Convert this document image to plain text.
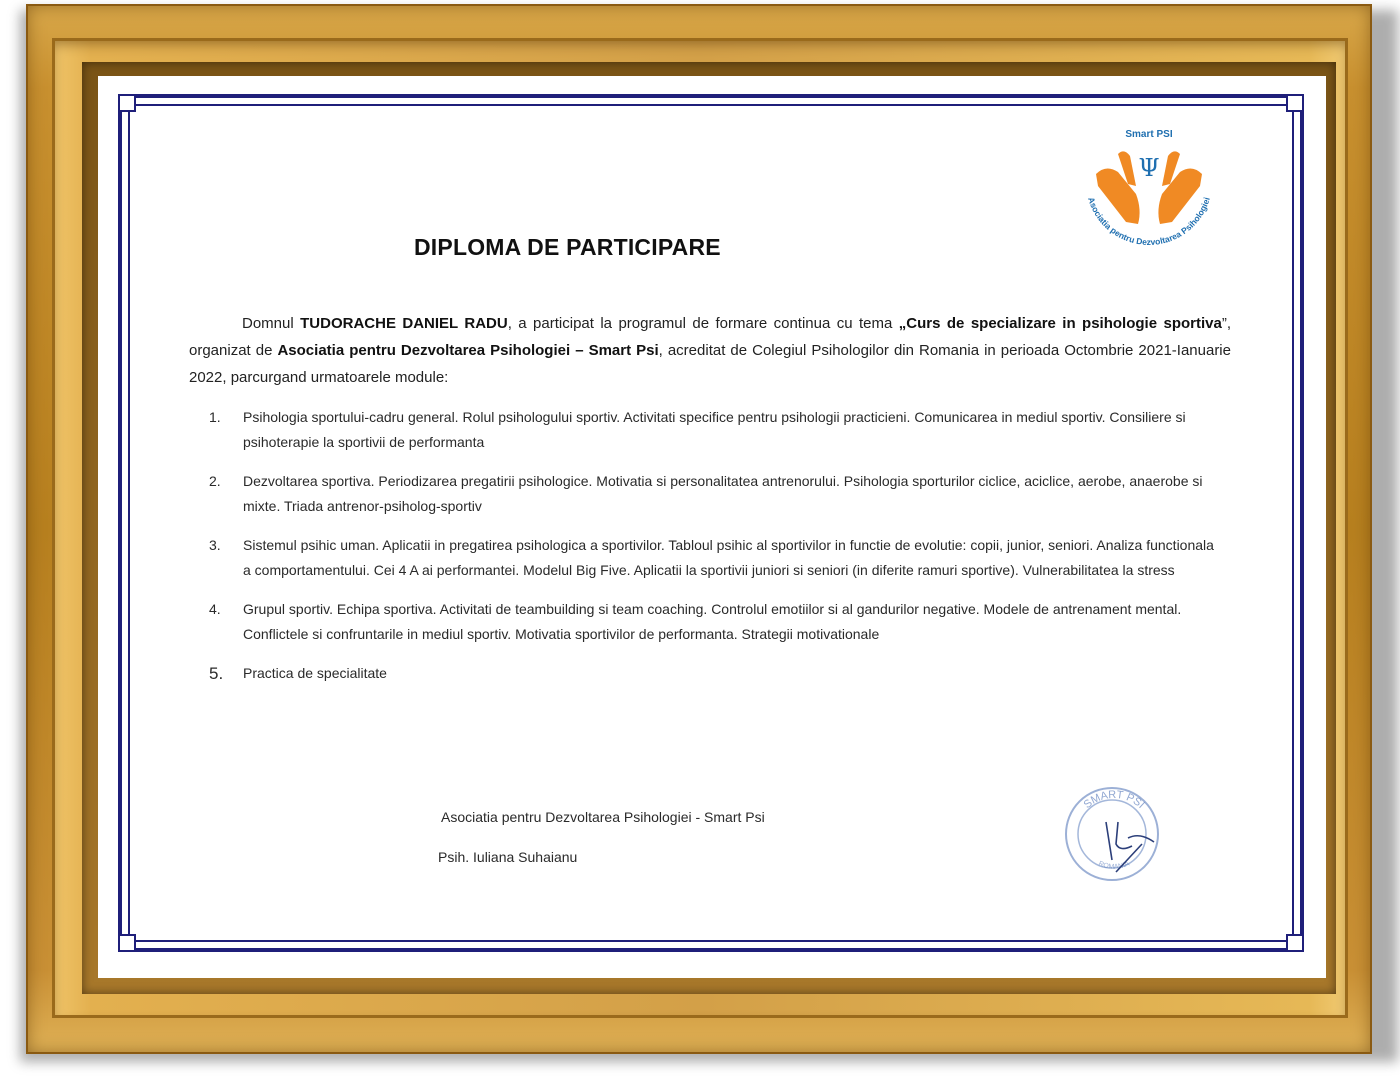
Smart PSI
Ψ
Asociatia pentru Dezvoltarea Psihologiei
DIPLOMA DE PARTICIPARE
Domnul TUDORACHE DANIEL RADU, a participat la programul de formare continua cu tema „Curs de specializare in psihologie sportiva”, organizat de Asociatia pentru Dezvoltarea Psihologiei – Smart Psi, acreditat de Colegiul Psihologilor din Romania in perioada Octombrie 2021-Ianuarie 2022, parcurgand urmatoarele module:
1.	Psihologia sportului-cadru general. Rolul psihologului sportiv. Activitati specifice pentru psihologii practicieni. Comunicarea in mediul sportiv. Consiliere si psihoterapie la sportivii de performanta
2.	Dezvoltarea sportiva. Periodizarea pregatirii psihologice. Motivatia si personalitatea antrenorului. Psihologia sporturilor ciclice, aciclice, aerobe, anaerobe si mixte. Triada antrenor-psiholog-sportiv
3.	Sistemul psihic uman. Aplicatii in pregatirea psihologica a sportivilor. Tabloul psihic al sportivilor in functie de evolutie: copii, junior, seniori. Analiza functionala a comportamentului. Cei 4 A ai performantei. Modelul Big Five. Aplicatii la sportivii juniori si seniori (in diferite ramuri sportive). Vulnerabilitatea la stress
4.	Grupul sportiv. Echipa sportiva. Activitati de teambuilding si team coaching. Controlul emotiilor si al gandurilor negative. Modele de antrenament mental. Conflictele si confruntarile in mediul sportiv. Motivatia sportivilor de performanta. Strategii motivationale
5.	Practica de specialitate
Asociatia pentru Dezvoltarea Psihologiei - Smart Psi
Psih. Iuliana Suhaianu
SMART PSI
ROMANIA
